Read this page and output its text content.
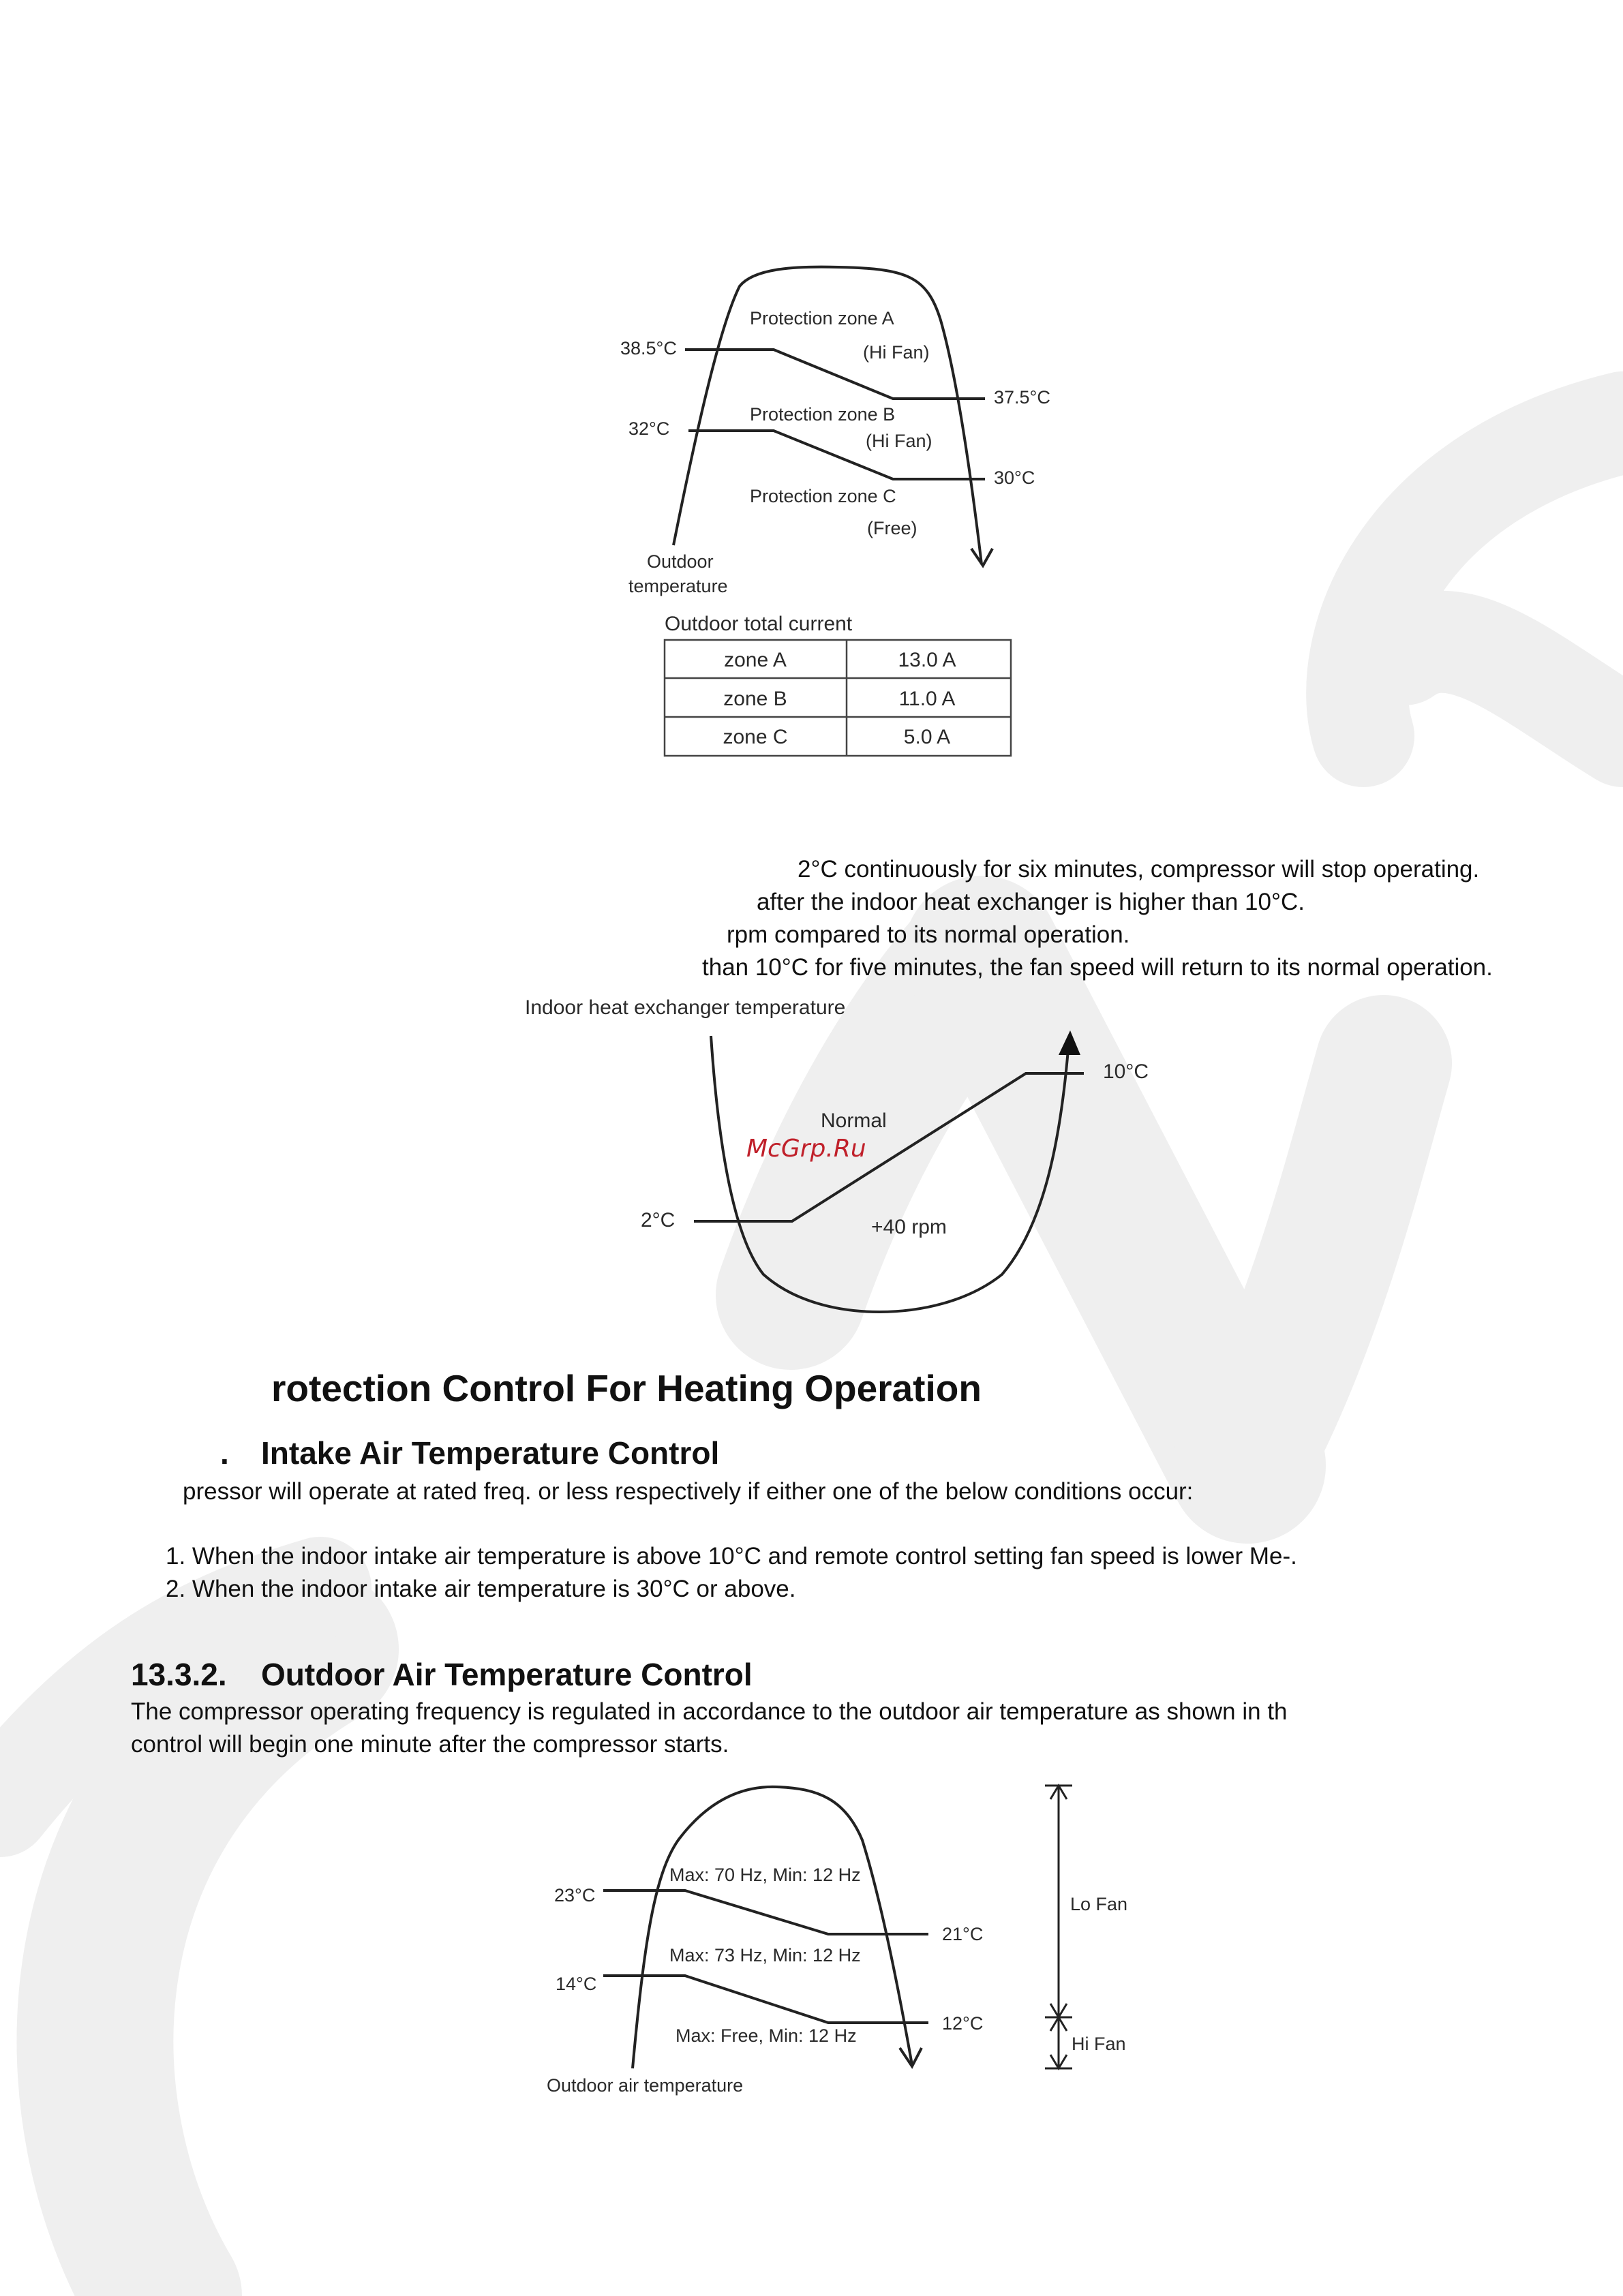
Protection zone A
(Hi Fan)
Protection zone B
(Hi Fan)
Protection zone C
(Free)
38.5°C
37.5°C
32°C
30°C
Outdoor
temperature
Outdoor total current
zone A	13.0 A
zone B	11.0 A
zone C	5.0 A
2°C continuously for six minutes, compressor will stop operating.
after the indoor heat exchanger is higher than 10°C.
rpm compared to its normal operation.
than 10°C for five minutes, the fan speed will return to its normal operation.
Indoor heat exchanger temperature
10°C
2°C
Normal
+40 rpm
McGrp.Ru
rotection Control For Heating Operation
. Intake Air Temperature Control
pressor will operate at rated freq. or less respectively if either one of the below conditions occur:
1. When the indoor intake air temperature is above 10°C and remote control setting fan speed is lower Me-.
2. When the indoor intake air temperature is 30°C or above.
13.3.2. Outdoor Air Temperature Control
The compressor operating frequency is regulated in accordance to the outdoor air temperature as shown in th
control will begin one minute after the compressor starts.
23°C
21°C
14°C
12°C
Max: 70 Hz, Min: 12 Hz
Max: 73 Hz, Min: 12 Hz
Max: Free, Min: 12 Hz
Outdoor air temperature
Lo Fan
Hi Fan
